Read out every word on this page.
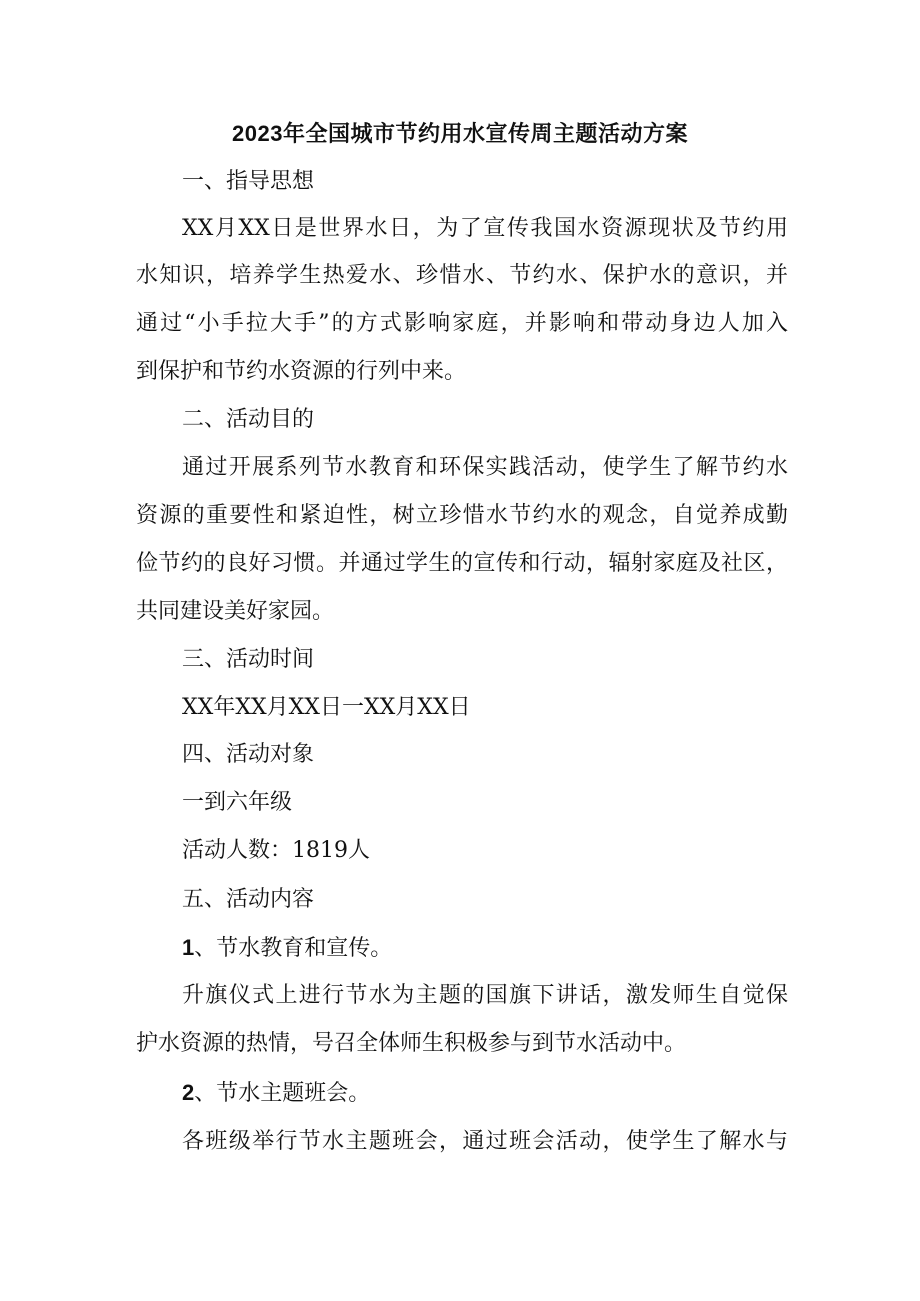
2023年全国城市节约用水宣传周主题活动方案

一、指导思想

XX月XX日是世界水日，为了宣传我国水资源现状及节约用

水知识，培养学生热爱水、珍惜水、节约水、保护水的意识，并

通过“小手拉大手”的方式影响家庭，并影响和带动身边人加入

到保护和节约水资源的行列中来。

二、活动目的

通过开展系列节水教育和环保实践活动，使学生了解节约水

资源的重要性和紧迫性，树立珍惜水节约水的观念，自觉养成勤

俭节约的良好习惯。并通过学生的宣传和行动，辐射家庭及社区，

共同建设美好家园。

三、活动时间

XX年XX月XX日一XX月XX日

四、活动对象

一到六年级

活动人数：1819人

五、活动内容

1、节水教育和宣传。

升旗仪式上进行节水为主题的国旗下讲话，激发师生自觉保

护水资源的热情，号召全体师生积极参与到节水活动中。

2、节水主题班会。

各班级举行节水主题班会，通过班会活动，使学生了解水与
